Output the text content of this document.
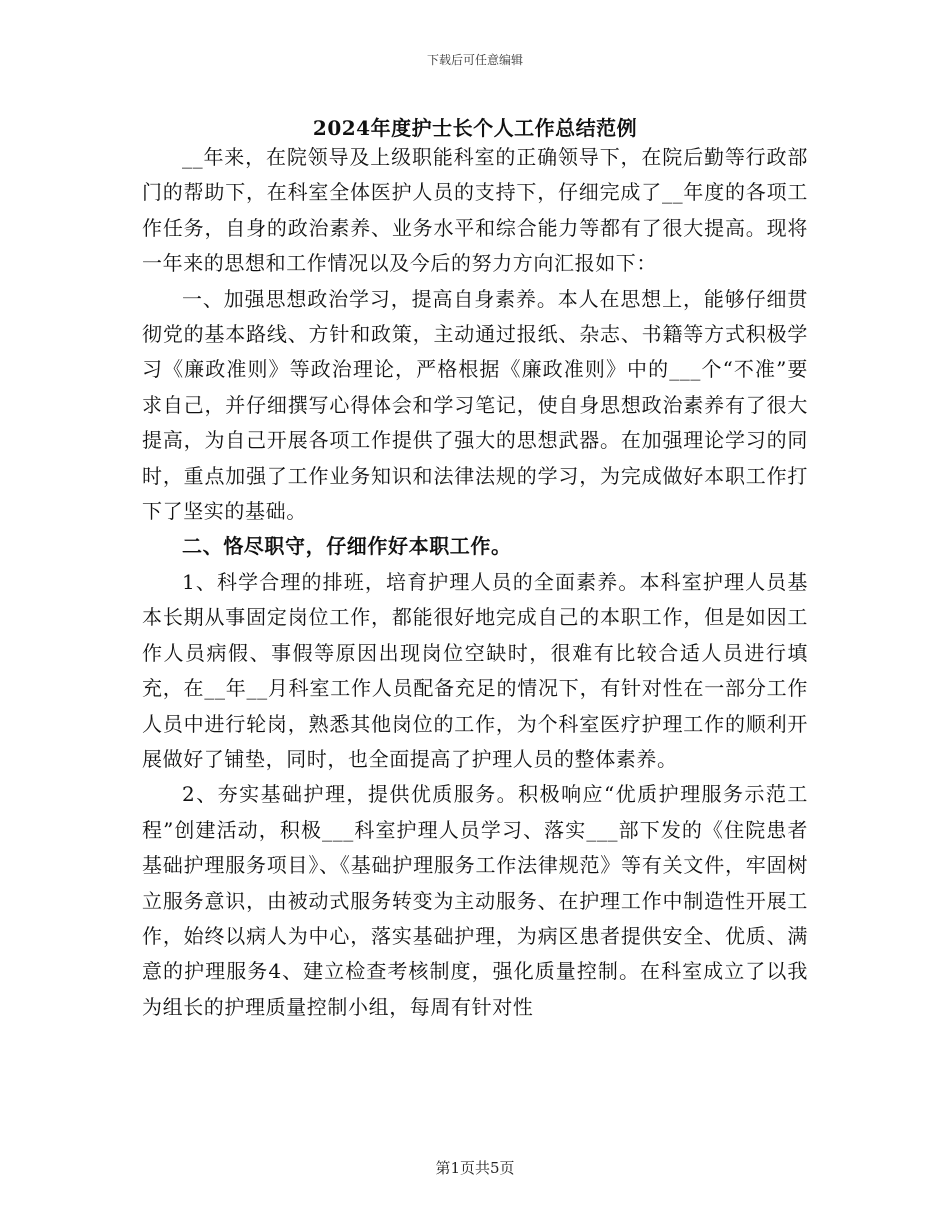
下载后可任意编辑
2024年度护士长个人工作总结范例

__年来，在院领导及上级职能科室的正确领导下，在院后勤等行政部门的帮助下，在科室全体医护人员的支持下，仔细完成了__年度的各项工作任务，自身的政治素养、业务水平和综合能力等都有了很大提高。现将一年来的思想和工作情况以及今后的努力方向汇报如下：

一、加强思想政治学习，提高自身素养。本人在思想上，能够仔细贯彻党的基本路线、方针和政策，主动通过报纸、杂志、书籍等方式积极学习《廉政准则》等政治理论，严格根据《廉政准则》中的___个“不准”要求自己，并仔细撰写心得体会和学习笔记，使自身思想政治素养有了很大提高，为自己开展各项工作提供了强大的思想武器。在加强理论学习的同时，重点加强了工作业务知识和法律法规的学习，为完成做好本职工作打下了坚实的基础。

二、恪尽职守，仔细作好本职工作。

1、科学合理的排班，培育护理人员的全面素养。本科室护理人员基本长期从事固定岗位工作，都能很好地完成自己的本职工作，但是如因工作人员病假、事假等原因出现岗位空缺时，很难有比较合适人员进行填充，在__年__月科室工作人员配备充足的情况下，有针对性在一部分工作人员中进行轮岗，熟悉其他岗位的工作，为个科室医疗护理工作的顺利开展做好了铺垫，同时，也全面提高了护理人员的整体素养。

2、夯实基础护理，提供优质服务。积极响应“优质护理服务示范工程”创建活动，积极___科室护理人员学习、落实___部下发的《住院患者基础护理服务项目》、《基础护理服务工作法律规范》等有关文件，牢固树立服务意识，由被动式服务转变为主动服务、在护理工作中制造性开展工作，始终以病人为中心，落实基础护理，为病区患者提供安全、优质、满意的护理服务4、建立检查考核制度，强化质量控制。在科室成立了以我为组长的护理质量控制小组，每周有针对性

第1页共5页
